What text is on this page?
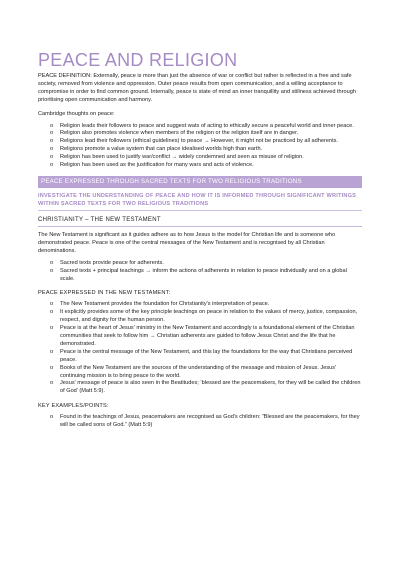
PEACE AND RELIGION

PEACE DEFINITION: Externally, peace is more than just the absence of war or conflict but rather is reflected in a free and safe society, removed from violence and oppression. Outer peace results from open communication, and a willing acceptance to compromise in order to find common ground. Internally, peace is state of mind an inner tranquillity and stillness achieved through prioritising open communication and harmony.

Cambridge thoughts on peace:

o Religion leads their followers to peace and suggest wats of acting to ethically secure a peaceful world and inner peace.
o Religion also promotes violence when members of the religion or the religion itself are in danger.
o Religions lead their followers (ethical guidelines) to peace → However, it might not be practiced by all adherents.
o Religions promote a value system that can place idealised worlds high than earth.
o Religion has been used to justify war/conflict → widely condemned and seen as misuse of religion.
o Religion has been used as the justification for many wars and acts of violence.
PEACE EXPRESSED THROUGH SACRED TEXTS FOR TWO RELIGIOUS TRADITIONS
INVESTIGATE THE UNDERSTANDING OF PEACE AND HOW IT IS INFORMED THROUGH SIGNIFICANT WRITINGS WITHIN SACRED TEXTS FOR TWO RELIGIOUS TRADITIONS
CHRISTIANITY – THE NEW TESTAMENT

The New Testament is significant as it guides adhere as to how Jesus is the model for Christian life and is someone who demonstrated peace. Peace is one of the central messages of the New Testament and is recognised by all Christian denominations.

o Sacred texts provide peace for adherents.
o Sacred texts + principal teachings → inform the actions of adherents in relation to peace individually and on a global scale.

PEACE EXPRESSED IN THE NEW TESTAMENT:

o The New Testament provides the foundation for Christianity's interpretation of peace.
o It explicitly provides some of the key principle teachings on peace in relation to the values of mercy, justice, compassion, respect, and dignity for the human person.
o Peace is at the heart of Jesus' ministry in the New Testament and accordingly is a foundational element of the Christian communities that seek to follow him → Christian adherents are guided to follow Jesus Christ and the life that he demonstrated.
o Peace is the central message of the New Testament, and this lay the foundations for the way that Christians perceived peace.
o Books of the New Testament are the sources of the understanding of the message and mission of Jesus. Jesus' continuing mission is to bring peace to the world.
o Jesus' message of peace is also seen in the Beatitudes; ‘blessed are the peacemakers, for they will be called the children of God’ (Matt 5:9).

KEY EXAMPLES/POINTS:

o Found in the teachings of Jesus, peacemakers are recognised as God's children: “Blessed are the peacemakers, for they will be called sons of God.” (Matt 5:9)
